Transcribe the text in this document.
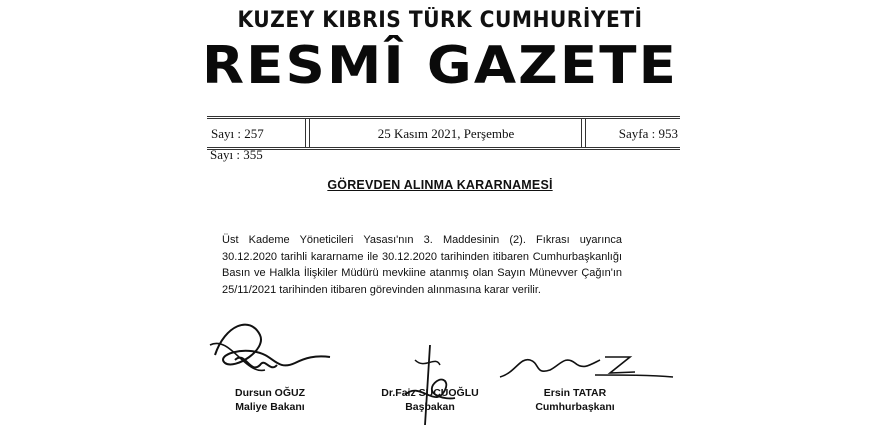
KUZEY KIBRIS TÜRK CUMHURİYETİ
RESMÎ GAZETE
Sayı : 257	25 Kasım 2021, Perşembe	Sayfa : 953
Sayı : 355
GÖREVDEN ALINMA KARARNAMESİ
Üst Kademe Yöneticileri Yasası'nın 3. Maddesinin (2). Fıkrası uyarınca 30.12.2020 tarihli kararname ile 30.12.2020 tarihinden itibaren Cumhurbaşkanlığı Basın ve Halkla İlişkiler Müdürü mevkiine atanmış olan Sayın Münevver Çağın'ın 25/11/2021 tarihinden itibaren görevinden alınmasına karar verilir.
Dursun OĞUZ
Maliye Bakanı
Dr.Faiz SUCUOĞLU
Başbakan
Ersin TATAR
Cumhurbaşkanı
